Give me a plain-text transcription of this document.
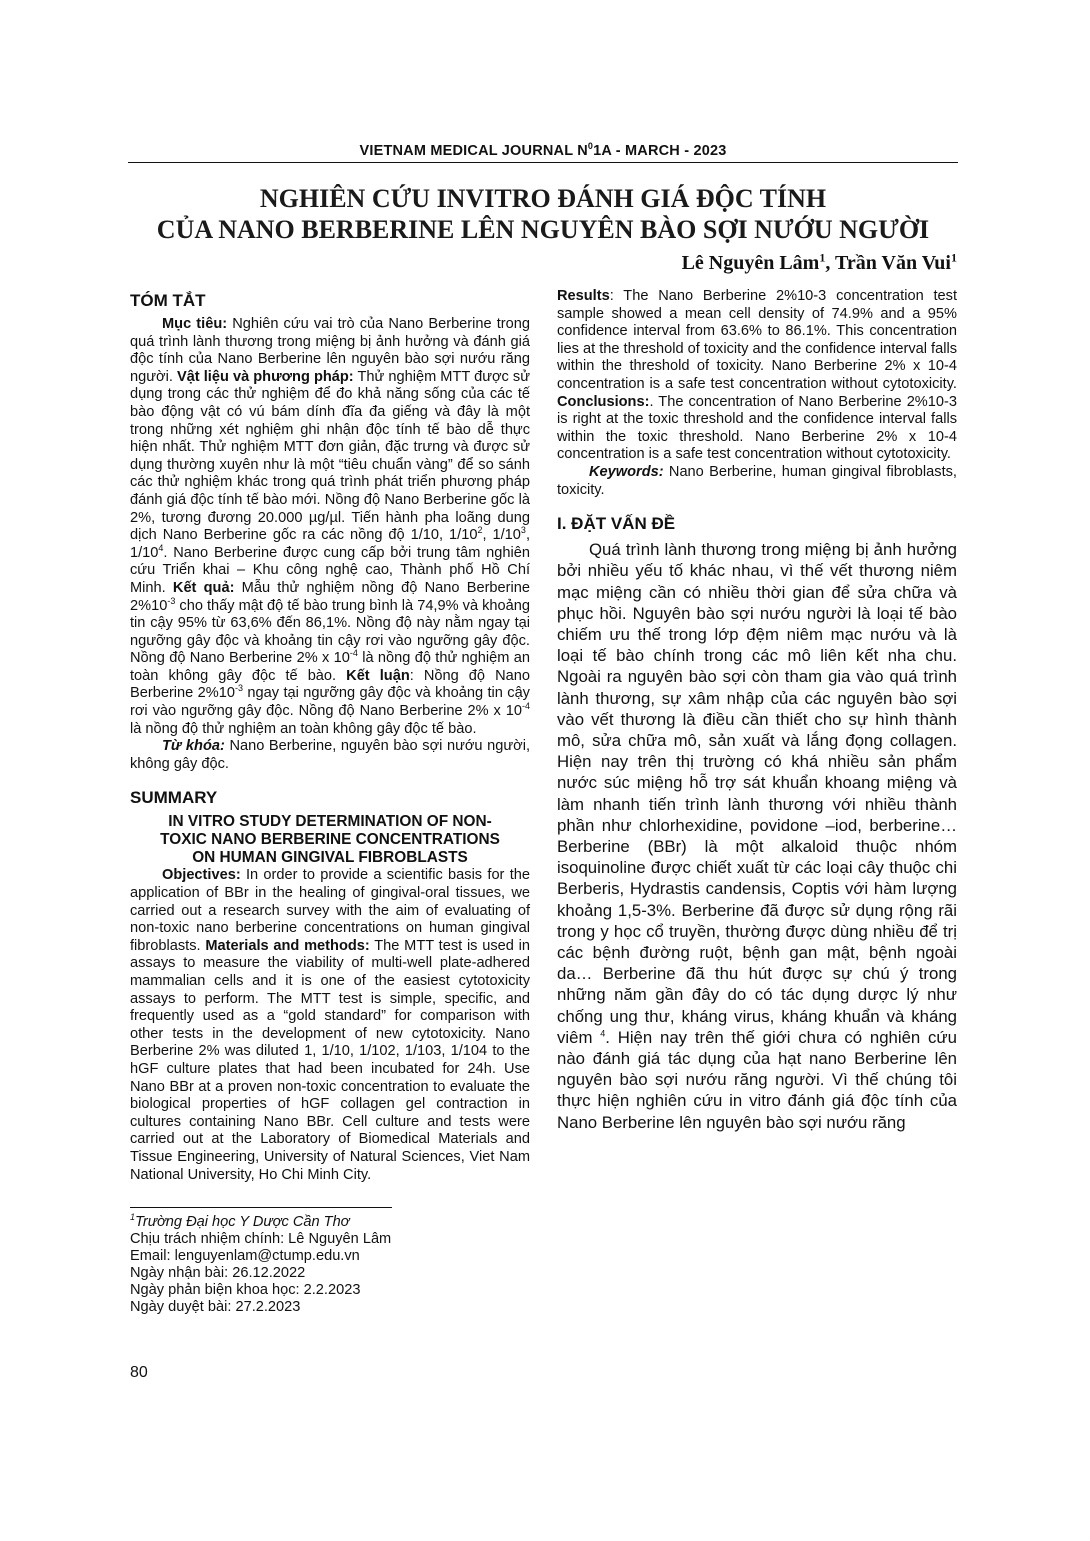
VIETNAM MEDICAL JOURNAL $N^01A$ - MARCH - 2023
NGHIÊN CỨU INVITRO ĐÁNH GIÁ ĐỘC TÍNH
CỦA NANO BERBERINE LÊN NGUYÊN BÀO SỢI NƯỚU NGƯỜI
Lê Nguyên Lâm$^1$, Trần Văn Vui$^1$
TÓM TẮT

Mục tiêu: Nghiên cứu vai trò của Nano Berberine trong quá trình lành thương trong miệng bị ảnh hưởng và đánh giá độc tính của Nano Berberine lên nguyên bào sợi nướu răng người. Vật liệu và phương pháp: Thử nghiệm MTT được sử dụng trong các thử nghiệm để đo khả năng sống của các tế bào động vật có vú bám dính đĩa đa giếng và đây là một trong những xét nghiệm ghi nhận độc tính tế bào dễ thực hiện nhất. Thử nghiệm MTT đơn giản, đặc trưng và được sử dụng thường xuyên như là một “tiêu chuẩn vàng” để so sánh các thử nghiệm khác trong quá trình phát triển phương pháp đánh giá độc tính tế bào mới. Nồng độ Nano Berberine gốc là 2%, tương đương 20.000 µg/µl. Tiến hành pha loãng dung dịch Nano Berberine gốc ra các nồng độ 1/10, $1/10^2$, $1/10^3$, $1/10^4$. Nano Berberine được cung cấp bởi trung tâm nghiên cứu Triển khai – Khu công nghệ cao, Thành phố Hồ Chí Minh. Kết quả: Mẫu thử nghiệm nồng độ Nano Berberine $2\%10^{-3}$ cho thấy mật độ tế bào trung bình là 74,9% và khoảng tin cậy 95% từ 63,6% đến 86,1%. Nồng độ này nằm ngay tại ngưỡng gây độc và khoảng tin cậy rơi vào ngưỡng gây độc. Nồng độ Nano Berberine 2% x $10^{-4}$ là nồng độ thử nghiệm an toàn không gây độc tế bào. Kết luận: Nồng độ Nano Berberine $2\%10^{-3}$ ngay tại ngưỡng gây độc và khoảng tin cậy rơi vào ngưỡng gây độc. Nồng độ Nano Berberine 2% x $10^{-4}$ là nồng độ thử nghiệm an toàn không gây độc tế bào.

Từ khóa: Nano Berberine, nguyên bào sợi nướu người, không gây độc.

SUMMARY
IN VITRO STUDY DETERMINATION OF NON-TOXIC NANO BERBERINE CONCENTRATIONS ON HUMAN GINGIVAL FIBROBLASTS

Objectives: In order to provide a scientific basis for the application of BBr in the healing of gingival-oral tissues, we carried out a research survey with the aim of evaluating of non-toxic nano berberine concentrations on human gingival fibroblasts. Materials and methods: The MTT test is used in assays to measure the viability of multi-well plate-adhered mammalian cells and it is one of the easiest cytotoxicity assays to perform. The MTT test is simple, specific, and frequently used as a “gold standard” for comparison with other tests in the development of new cytotoxicity. Nano Berberine 2% was diluted 1, 1/10, 1/102, 1/103, 1/104 to the hGF culture plates that had been incubated for 24h. Use Nano BBr at a proven non-toxic concentration to evaluate the biological properties of hGF collagen gel contraction in cultures containing Nano BBr. Cell culture and tests were carried out at the Laboratory of Biomedical Materials and Tissue Engineering, University of Natural Sciences, Viet Nam National University, Ho Chi Minh City.

$^1$Trường Đại học Y Dược Cần Thơ
Chịu trách nhiệm chính: Lê Nguyên Lâm
Email: lenguyenlam@ctump.edu.vn
Ngày nhận bài: 26.12.2022
Ngày phản biện khoa học: 2.2.2023
Ngày duyệt bài: 27.2.2023
80

Results: The Nano Berberine 2%10-3 concentration test sample showed a mean cell density of 74.9% and a 95% confidence interval from 63.6% to 86.1%. This concentration lies at the threshold of toxicity and the confidence interval falls within the threshold of toxicity. Nano Berberine 2% x 10-4 concentration is a safe test concentration without cytotoxicity. Conclusions:. The concentration of Nano Berberine 2%10-3 is right at the toxic threshold and the confidence interval falls within the toxic threshold. Nano Berberine 2% x 10-4 concentration is a safe test concentration without cytotoxicity.

Keywords: Nano Berberine, human gingival fibroblasts, toxicity.

I. ĐẶT VẤN ĐỀ

Quá trình lành thương trong miệng bị ảnh hưởng bởi nhiều yếu tố khác nhau, vì thế vết thương niêm mạc miệng cần có nhiều thời gian để sửa chữa và phục hồi. Nguyên bào sợi nướu người là loại tế bào chiếm ưu thế trong lớp đệm niêm mạc nướu và là loại tế bào chính trong các mô liên kết nha chu. Ngoài ra nguyên bào sợi còn tham gia vào quá trình lành thương, sự xâm nhập của các nguyên bào sợi vào vết thương là điều cần thiết cho sự hình thành mô, sửa chữa mô, sản xuất và lắng đọng collagen. Hiện nay trên thị trường có khá nhiều sản phẩm nước súc miệng hỗ trợ sát khuẩn khoang miệng và làm nhanh tiến trình lành thương với nhiều thành phần như chlorhexidine, povidone –iod, berberine… Berberine (BBr) là một alkaloid thuộc nhóm isoquinoline được chiết xuất từ các loại cây thuộc chi Berberis, Hydrastis candensis, Coptis với hàm lượng khoảng 1,5-3%. Berberine đã được sử dụng rộng rãi trong y học cổ truyền, thường được dùng nhiều để trị các bệnh đường ruột, bệnh gan mật, bệnh ngoài da… Berberine đã thu hút được sự chú ý trong những năm gần đây do có tác dụng dược lý như chống ung thư, kháng virus, kháng khuẩn và kháng viêm $^4$. Hiện nay trên thế giới chưa có nghiên cứu nào đánh giá tác dụng của hạt nano Berberine lên nguyên bào sợi nướu răng người. Vì thế chúng tôi thực hiện nghiên cứu in vitro đánh giá độc tính của Nano Berberine lên nguyên bào sợi nướu răng
